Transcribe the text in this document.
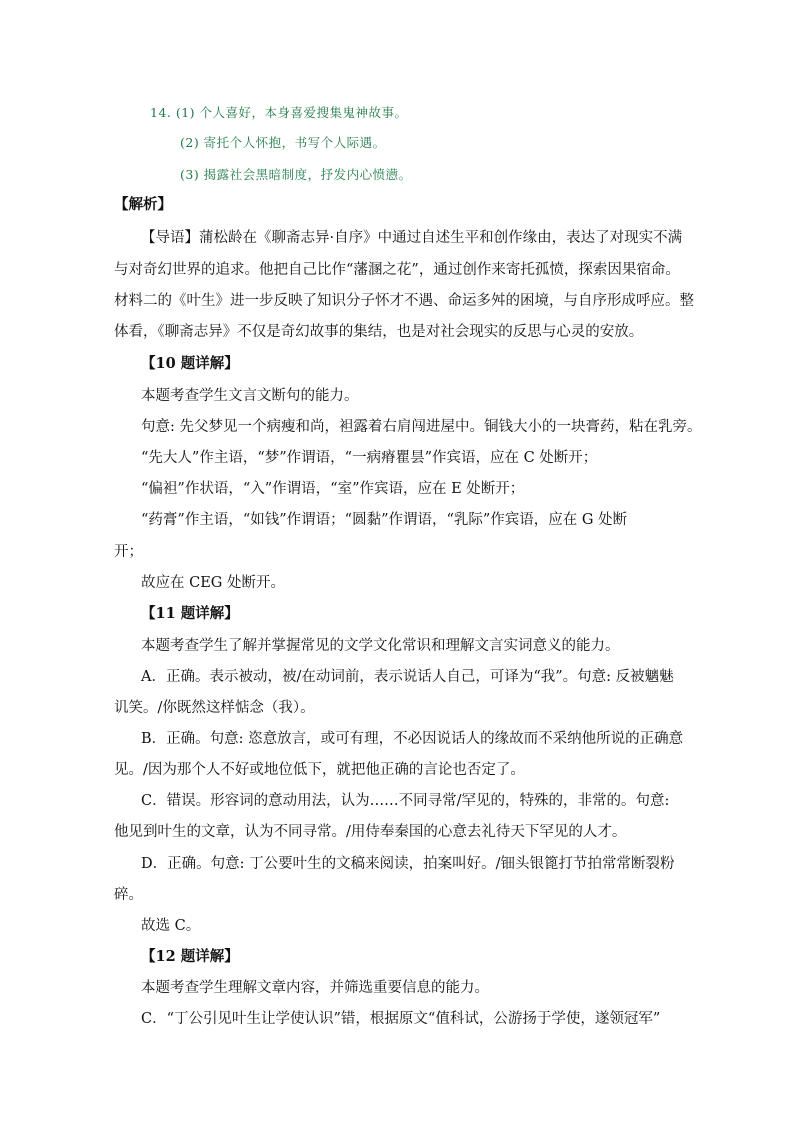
14. (1) 个人喜好，本身喜爱搜集鬼神故事。

(2) 寄托个人怀抱，书写个人际遇。

(3) 揭露社会黑暗制度，抒发内心愤懑。

【解析】

【导语】蒲松龄在《聊斋志异·自序》中通过自述生平和创作缘由，表达了对现实不满

与对奇幻世界的追求。他把自己比作“藩溷之花”，通过创作来寄托孤愤，探索因果宿命。

材料二的《叶生》进一步反映了知识分子怀才不遇、命运多舛的困境，与自序形成呼应。整

体看，《聊斋志异》不仅是奇幻故事的集结，也是对社会现实的反思与心灵的安放。

【10 题详解】

本题考查学生文言文断句的能力。

句意: 先父梦见一个病瘦和尚，袒露着右肩闯进屋中。铜钱大小的一块膏药，粘在乳旁。

“先大人”作主语，“梦”作谓语，“一病瘠瞿昙”作宾语，应在 C 处断开；

“偏袒”作状语，“入”作谓语，“室”作宾语，应在 E 处断开；

“药膏”作主语，“如钱”作谓语；“圆黏”作谓语，“乳际”作宾语，应在 G 处断

开；

故应在 CEG 处断开。

【11 题详解】

本题考查学生了解并掌握常见的文学文化常识和理解文言实词意义的能力。

A．正确。表示被动，被/在动词前，表示说话人自己，可译为“我”。句意: 反被魑魅

讥笑。/你既然这样惦念（我）。

B．正确。句意: 恣意放言，或可有理，不必因说话人的缘故而不采纳他所说的正确意

见。/因为那个人不好或地位低下，就把他正确的言论也否定了。

C．错误。形容词的意动用法，认为……不同寻常/罕见的，特殊的，非常的。句意:

他见到叶生的文章，认为不同寻常。/用侍奉秦国的心意去礼待天下罕见的人才。

D．正确。句意: 丁公要叶生的文稿来阅读，拍案叫好。/钿头银篦打节拍常常断裂粉

碎。

故选 C。

【12 题详解】

本题考查学生理解文章内容，并筛选重要信息的能力。

C．“丁公引见叶生让学使认识”错，根据原文“值科试，公游扬于学使，遂领冠军”
